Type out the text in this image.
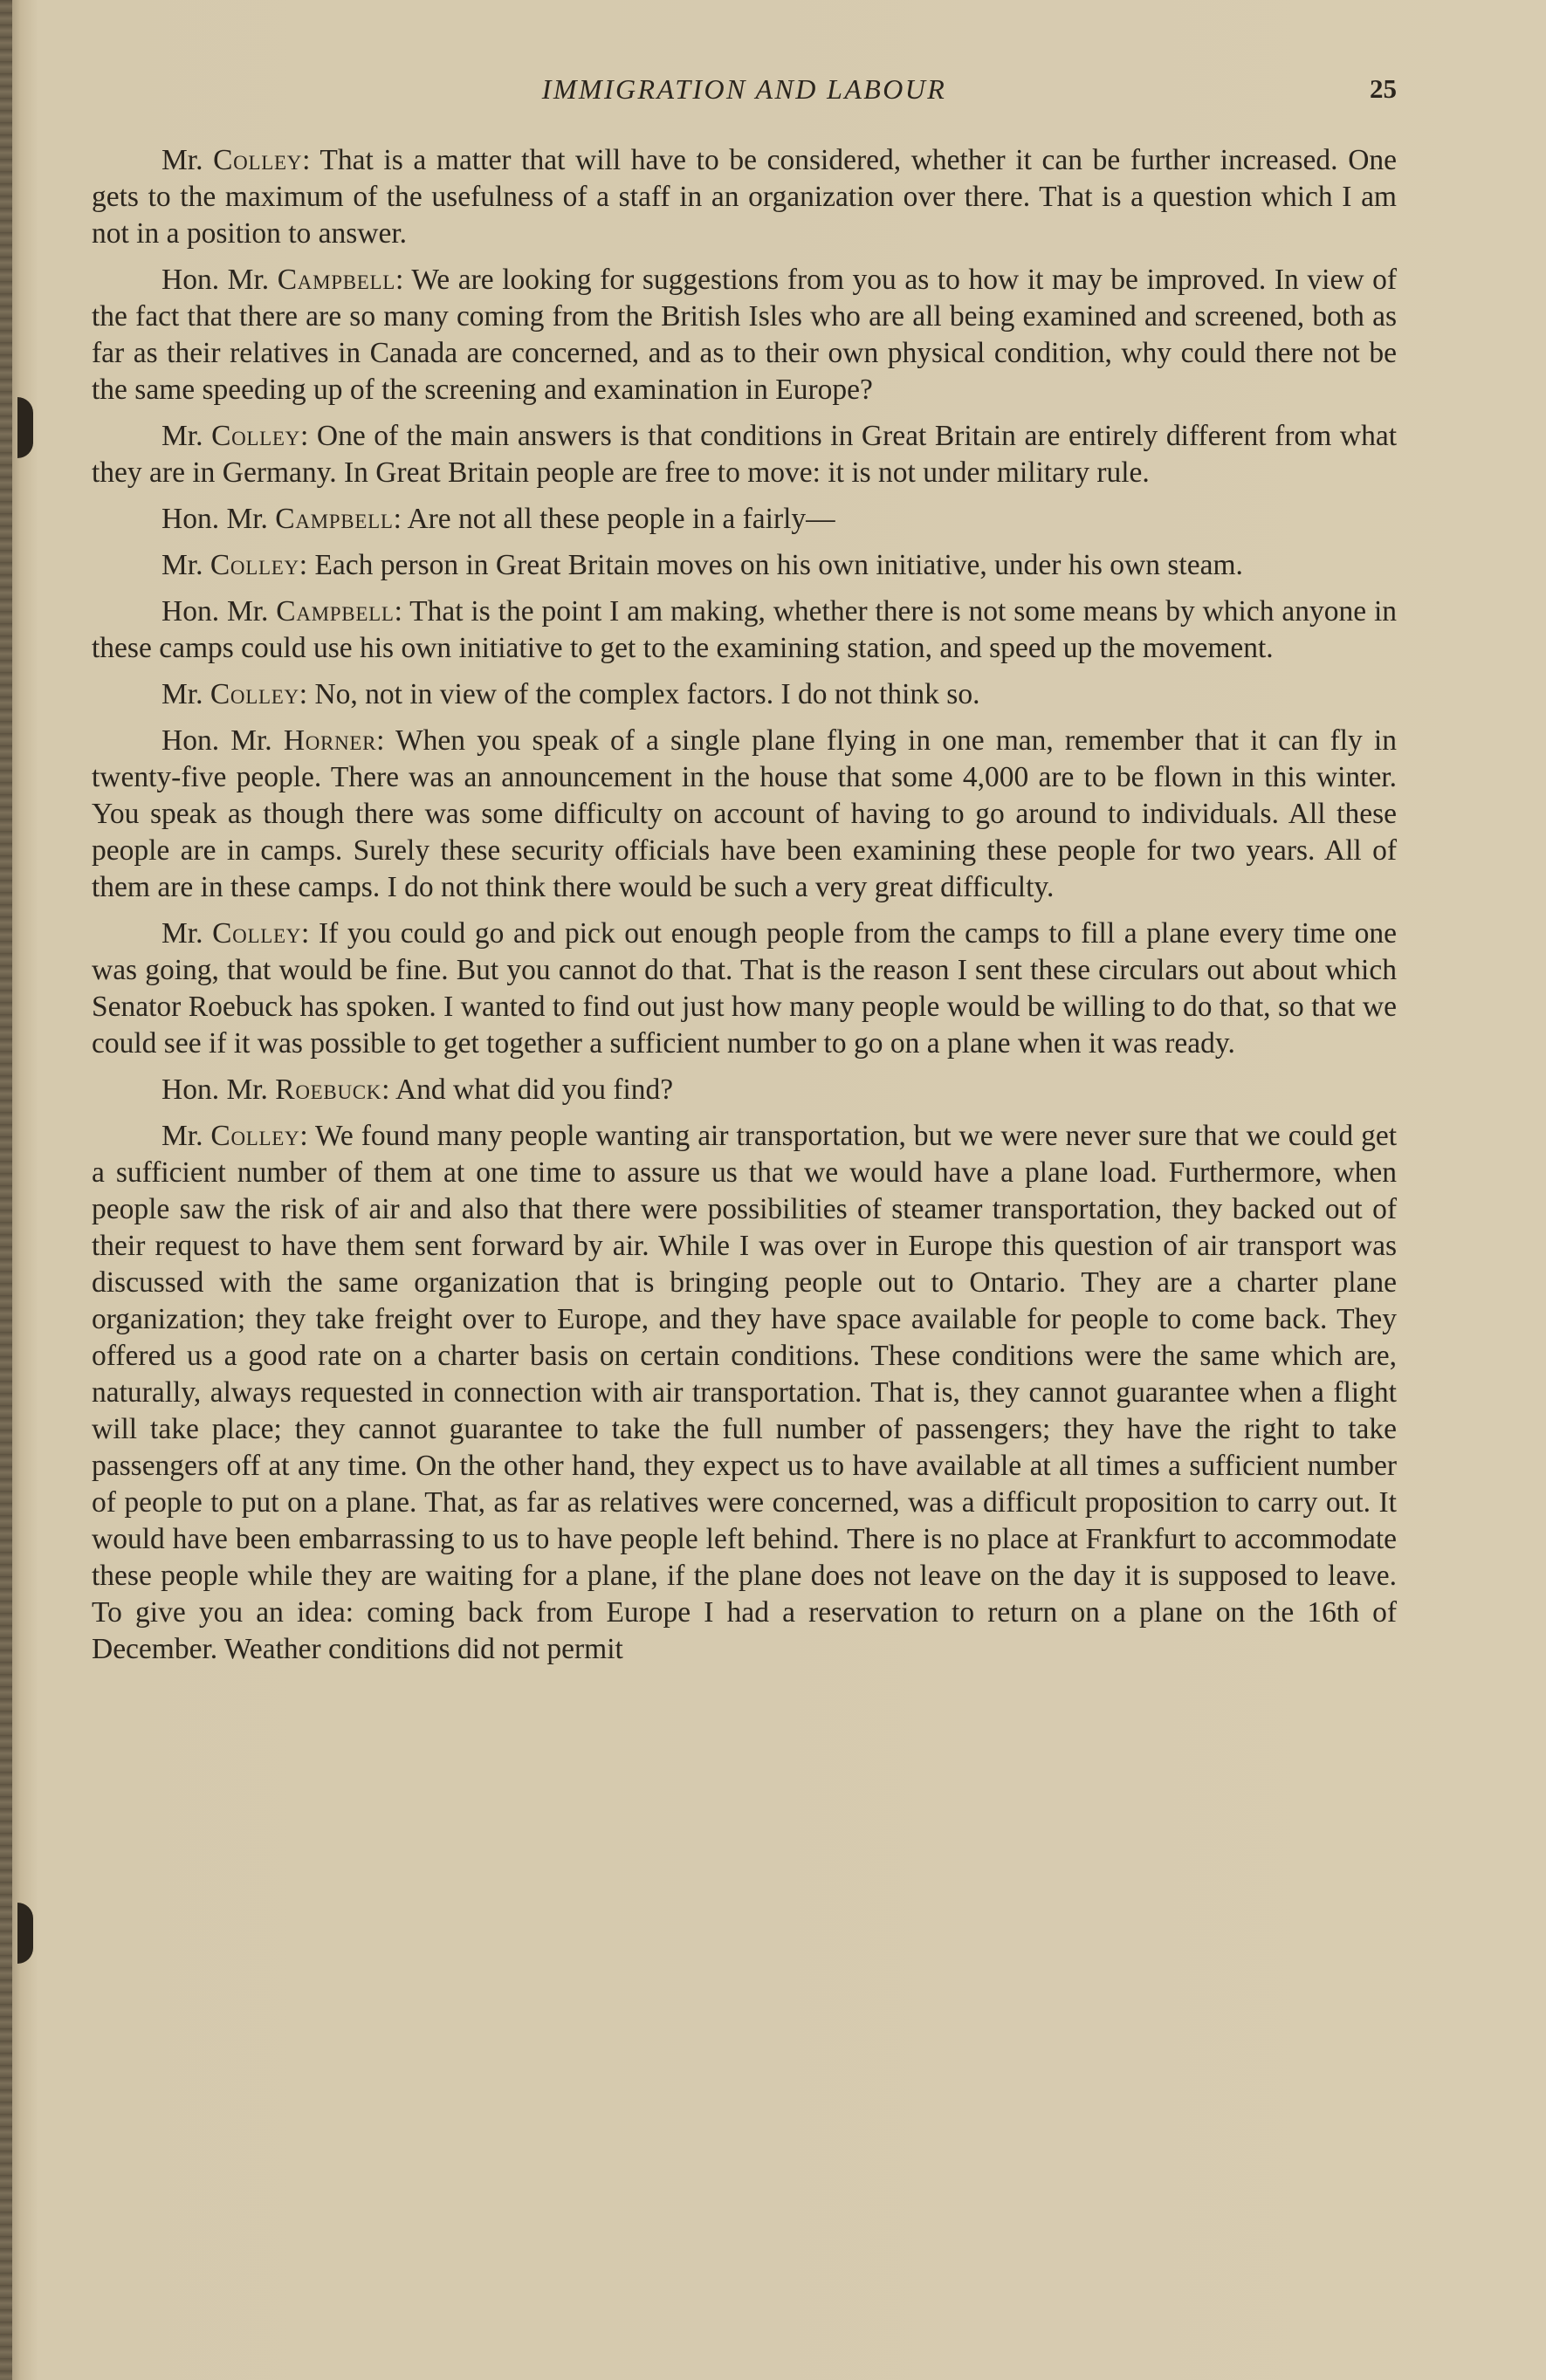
IMMIGRATION AND LABOUR	25

Mr. Colley: That is a matter that will have to be considered, whether it can be further increased. One gets to the maximum of the usefulness of a staff in an organization over there. That is a question which I am not in a position to answer.

Hon. Mr. Campbell: We are looking for suggestions from you as to how it may be improved. In view of the fact that there are so many coming from the British Isles who are all being examined and screened, both as far as their relatives in Canada are concerned, and as to their own physical condition, why could there not be the same speeding up of the screening and examination in Europe?

Mr. Colley: One of the main answers is that conditions in Great Britain are entirely different from what they are in Germany. In Great Britain people are free to move: it is not under military rule.

Hon. Mr. Campbell: Are not all these people in a fairly—

Mr. Colley: Each person in Great Britain moves on his own initiative, under his own steam.

Hon. Mr. Campbell: That is the point I am making, whether there is not some means by which anyone in these camps could use his own initiative to get to the examining station, and speed up the movement.

Mr. Colley: No, not in view of the complex factors. I do not think so.

Hon. Mr. Horner: When you speak of a single plane flying in one man, remember that it can fly in twenty-five people. There was an announcement in the house that some 4,000 are to be flown in this winter. You speak as though there was some difficulty on account of having to go around to individuals. All these people are in camps. Surely these security officials have been examining these people for two years. All of them are in these camps. I do not think there would be such a very great difficulty.

Mr. Colley: If you could go and pick out enough people from the camps to fill a plane every time one was going, that would be fine. But you cannot do that. That is the reason I sent these circulars out about which Senator Roebuck has spoken. I wanted to find out just how many people would be willing to do that, so that we could see if it was possible to get together a sufficient number to go on a plane when it was ready.

Hon. Mr. Roebuck: And what did you find?

Mr. Colley: We found many people wanting air transportation, but we were never sure that we could get a sufficient number of them at one time to assure us that we would have a plane load. Furthermore, when people saw the risk of air and also that there were possibilities of steamer transportation, they backed out of their request to have them sent forward by air. While I was over in Europe this question of air transport was discussed with the same organization that is bringing people out to Ontario. They are a charter plane organization; they take freight over to Europe, and they have space available for people to come back. They offered us a good rate on a charter basis on certain conditions. These conditions were the same which are, naturally, always requested in connection with air transportation. That is, they cannot guarantee when a flight will take place; they cannot guarantee to take the full number of passengers; they have the right to take passengers off at any time. On the other hand, they expect us to have available at all times a sufficient number of people to put on a plane. That, as far as relatives were concerned, was a difficult proposition to carry out. It would have been embarrassing to us to have people left behind. There is no place at Frankfurt to accommodate these people while they are waiting for a plane, if the plane does not leave on the day it is supposed to leave. To give you an idea: coming back from Europe I had a reservation to return on a plane on the 16th of December. Weather conditions did not permit
